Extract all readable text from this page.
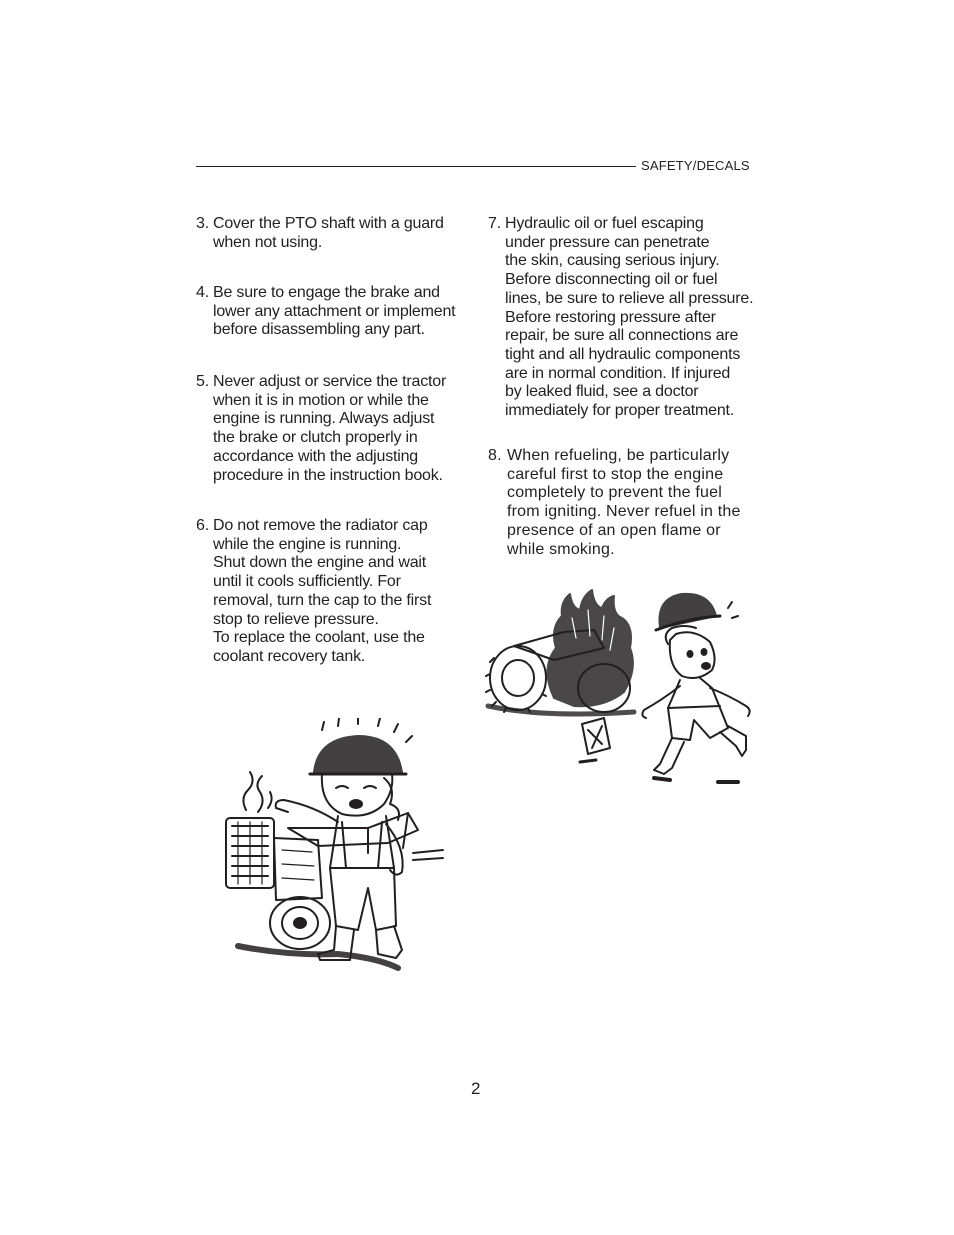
SAFETY/DECALS
3. Cover the PTO shaft with a guard
when not using.
4. Be sure to engage the brake and
lower any attachment or implement
before disassembling any part.
5. Never adjust or service the tractor
when it is in motion or while the
engine is running. Always adjust
the brake or clutch properly in
accordance with the adjusting
procedure in the instruction book.
6. Do not remove the radiator cap
while the engine is running.
Shut down the engine and wait
until it cools sufficiently. For
removal, turn the cap to the first
stop to relieve pressure.
To replace the coolant, use the
coolant recovery tank.
7. Hydraulic oil or fuel escaping
under pressure can penetrate
the skin, causing serious injury.
Before disconnecting oil or fuel
lines, be sure to relieve all pressure.
Before restoring pressure after
repair, be sure all connections are
tight and all hydraulic components
are in normal condition. If injured
by leaked fluid, see a doctor
immediately for proper treatment.
8. When refueling, be particularly
careful first to stop the engine
completely to prevent the fuel
from igniting. Never refuel in the
presence of an open flame or
while smoking.
2
